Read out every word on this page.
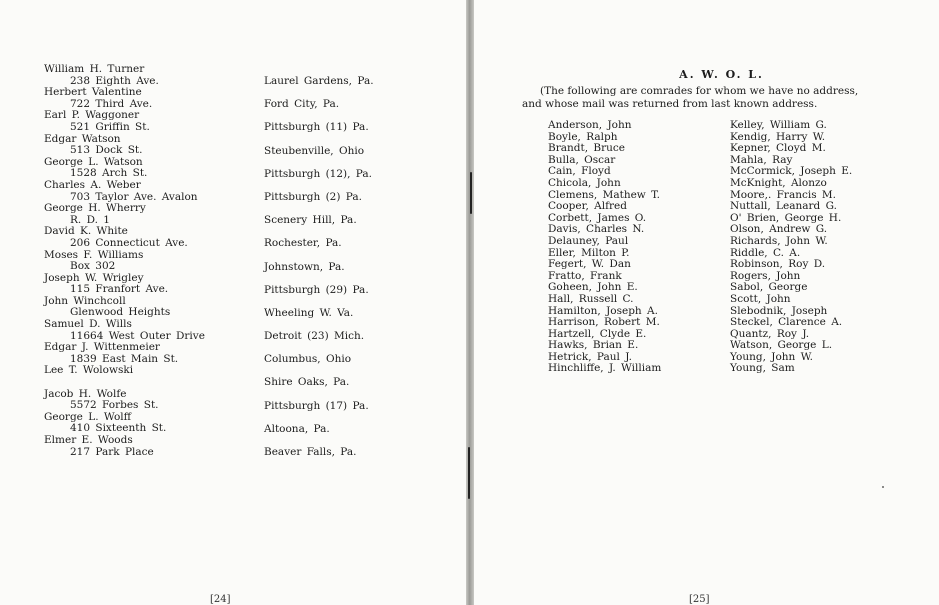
William H. Turner
238 Eighth Ave.
Herbert Valentine
722 Third Ave.
Earl P. Waggoner
521 Griffin St.
Edgar Watson
513 Dock St.
George L. Watson
1528 Arch St.
Charles A. Weber
703 Taylor Ave. Avalon
George H. Wherry
R. D. 1
David K. White
206 Connecticut Ave.
Moses F. Williams
Box 302
Joseph W. Wrigley
115 Franfort Ave.
John Winchcoll
Glenwood Heights
Samuel D. Wills
11664 West Outer Drive
Edgar J. Wittenmeier
1839 East Main St.
Lee T. Wolowski
Jacob H. Wolfe
5572 Forbes St.
George L. Wolff
410 Sixteenth St.
Elmer E. Woods
217 Park Place
Laurel Gardens, Pa.
Ford City, Pa.
Pittsburgh (11) Pa.
Steubenville, Ohio
Pittsburgh (12), Pa.
Pittsburgh (2) Pa.
Scenery Hill, Pa.
Rochester, Pa.
Johnstown, Pa.
Pittsburgh (29) Pa.
Wheeling W. Va.
Detroit (23) Mich.
Columbus, Ohio
Shire Oaks, Pa.
Pittsburgh (17) Pa.
Altoona, Pa.
Beaver Falls, Pa.
[24]
A. W. O. L.
(The following are comrades for whom we have no address,
and whose mail was returned from last known address.
Anderson, John
Boyle, Ralph
Brandt, Bruce
Bulla, Oscar
Cain, Floyd
Chicola, John
Clemens, Mathew T.
Cooper, Alfred
Corbett, James O.
Davis, Charles N.
Delauney, Paul
Eller, Milton P.
Fegert, W. Dan
Fratto, Frank
Goheen, John E.
Hall, Russell C.
Hamilton, Joseph A.
Harrison, Robert M.
Hartzell, Clyde E.
Hawks, Brian E.
Hetrick, Paul J.
Hinchliffe, J. William
Kelley, William G.
Kendig, Harry W.
Kepner, Cloyd M.
Mahla, Ray
McCormick, Joseph E.
McKnight, Alonzo
Moore,. Francis M.
Nuttall, Leanard G.
O' Brien, George H.
Olson, Andrew G.
Richards, John W.
Riddle, C. A.
Robinson, Roy D.
Rogers, John
Sabol, George
Scott, John
Slebodnik, Joseph
Steckel, Clarence A.
Quantz, Roy J.
Watson, George L.
Young, John W.
Young, Sam
[25]
